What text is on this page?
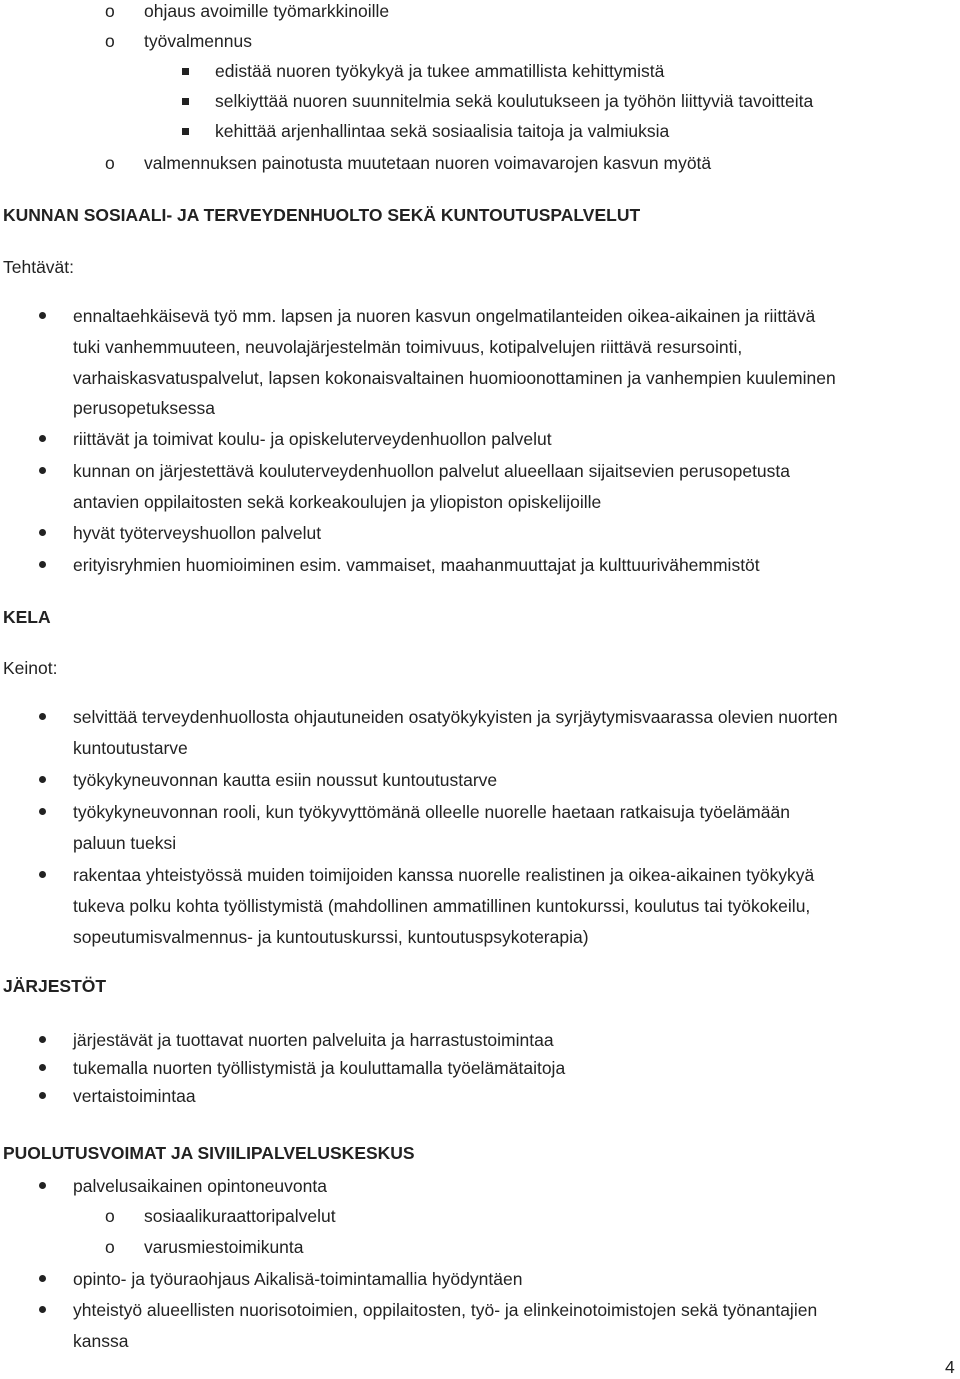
o ohjaus avoimille työmarkkinoille
o työvalmennus
edistää nuoren työkykyä ja tukee ammatillista kehittymistä
selkiyttää nuoren suunnitelmia sekä koulutukseen ja työhön liittyviä tavoitteita
kehittää arjenhallintaa sekä sosiaalisia taitoja ja valmiuksia
o valmennuksen painotusta muutetaan nuoren voimavarojen kasvun myötä
KUNNAN SOSIAALI- JA TERVEYDENHUOLTO SEKÄ KUNTOUTUSPALVELUT
Tehtävät:
ennaltaehkäisevä työ mm. lapsen ja nuoren kasvun ongelmatilanteiden oikea-aikainen ja riittävä
tuki vanhemmuuteen, neuvolajärjestelmän toimivuus, kotipalvelujen riittävä resursointi,
varhaiskasvatuspalvelut, lapsen kokonaisvaltainen huomioonottaminen ja vanhempien kuuleminen
perusopetuksessa
riittävät ja toimivat koulu- ja opiskeluterveydenhuollon palvelut
kunnan on järjestettävä kouluterveydenhuollon palvelut alueellaan sijaitsevien perusopetusta
antavien oppilaitosten sekä korkeakoulujen ja yliopiston opiskelijoille
hyvät työterveyshuollon palvelut
erityisryhmien huomioiminen esim. vammaiset, maahanmuuttajat ja kulttuurivähemmistöt
KELA
Keinot:
selvittää terveydenhuollosta ohjautuneiden osatyökykyisten ja syrjäytymisvaarassa olevien nuorten
kuntoutustarve
työkykyneuvonnan kautta esiin noussut kuntoutustarve
työkykyneuvonnan rooli, kun työkyvyttömänä olleelle nuorelle haetaan ratkaisuja työelämään
paluun tueksi
rakentaa yhteistyössä muiden toimijoiden kanssa nuorelle realistinen ja oikea-aikainen työkykyä
tukeva polku kohta työllistymistä (mahdollinen ammatillinen kuntokurssi, koulutus tai työkokeilu,
sopeutumisvalmennus- ja kuntoutuskurssi, kuntoutuspsykoterapia)
JÄRJESTÖT
järjestävät ja tuottavat nuorten palveluita ja harrastustoimintaa
tukemalla nuorten työllistymistä ja kouluttamalla työelämätaitoja
vertaistoimintaa
PUOLUTUSVOIMAT JA SIVIILIPALVELUSKESKUS
palvelusaikainen opintoneuvonta
o sosiaalikuraattoripalvelut
o varusmiestoimikunta
opinto- ja työuraohjaus Aikalisä-toimintamallia hyödyntäen
yhteistyö alueellisten nuorisotoimien, oppilaitosten, työ- ja elinkeinotoimistojen sekä työnantajien
kanssa
4
